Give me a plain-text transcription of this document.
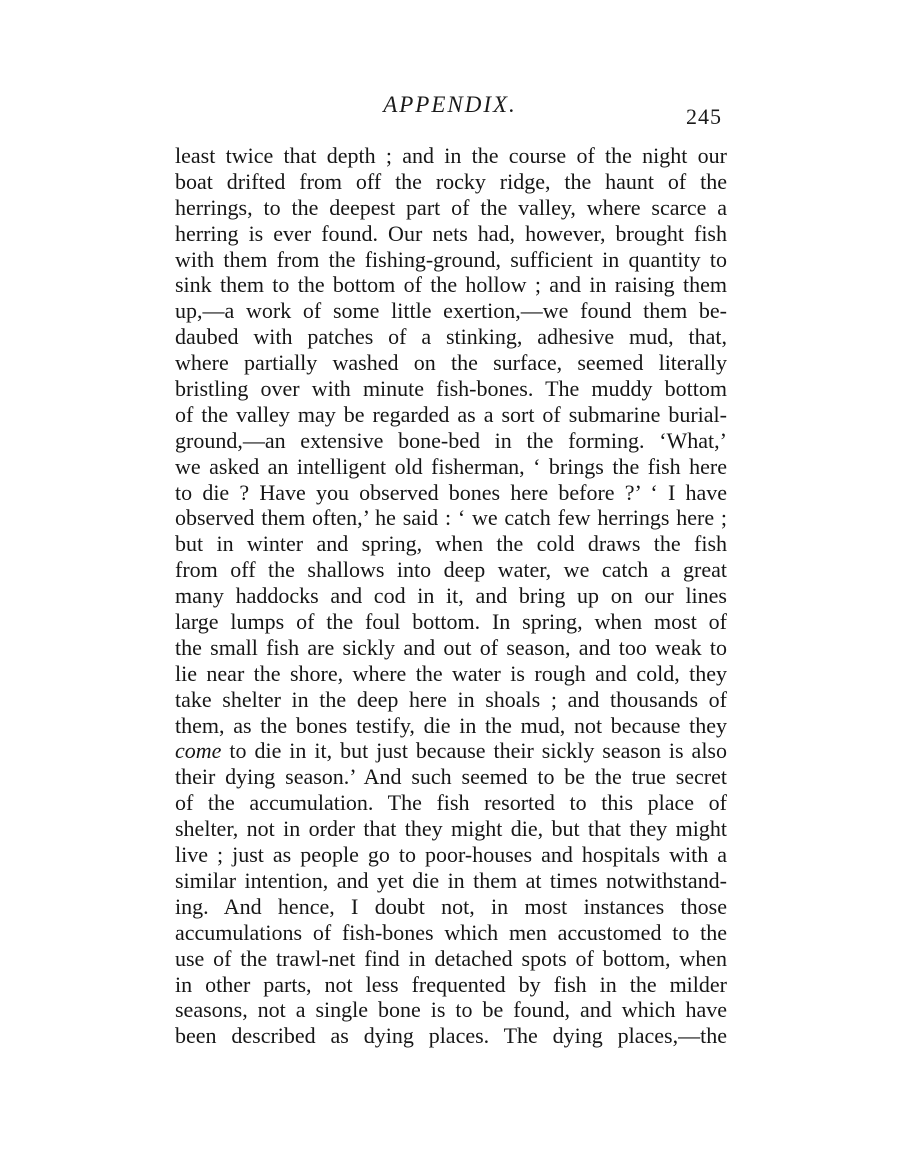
APPENDIX.	245
least twice that depth ; and in the course of the night our
boat drifted from off the rocky ridge, the haunt of the
herrings, to the deepest part of the valley, where scarce a
herring is ever found. Our nets had, however, brought fish
with them from the fishing-ground, sufficient in quantity to
sink them to the bottom of the hollow ; and in raising them
up,—a work of some little exertion,—we found them be-
daubed with patches of a stinking, adhesive mud, that,
where partially washed on the surface, seemed literally
bristling over with minute fish-bones. The muddy bottom
of the valley may be regarded as a sort of submarine burial-
ground,—an extensive bone-bed in the forming. ‘What,’
we asked an intelligent old fisherman, ‘ brings the fish here
to die ? Have you observed bones here before ?’ ‘ I have
observed them often,’ he said : ‘ we catch few herrings here ;
but in winter and spring, when the cold draws the fish
from off the shallows into deep water, we catch a great
many haddocks and cod in it, and bring up on our lines
large lumps of the foul bottom. In spring, when most of
the small fish are sickly and out of season, and too weak to
lie near the shore, where the water is rough and cold, they
take shelter in the deep here in shoals ; and thousands of
them, as the bones testify, die in the mud, not because they
come to die in it, but just because their sickly season is also
their dying season.’ And such seemed to be the true secret
of the accumulation. The fish resorted to this place of
shelter, not in order that they might die, but that they might
live ; just as people go to poor-houses and hospitals with a
similar intention, and yet die in them at times notwithstand-
ing. And hence, I doubt not, in most instances those
accumulations of fish-bones which men accustomed to the
use of the trawl-net find in detached spots of bottom, when
in other parts, not less frequented by fish in the milder
seasons, not a single bone is to be found, and which have
been described as dying places. The dying places,—the
